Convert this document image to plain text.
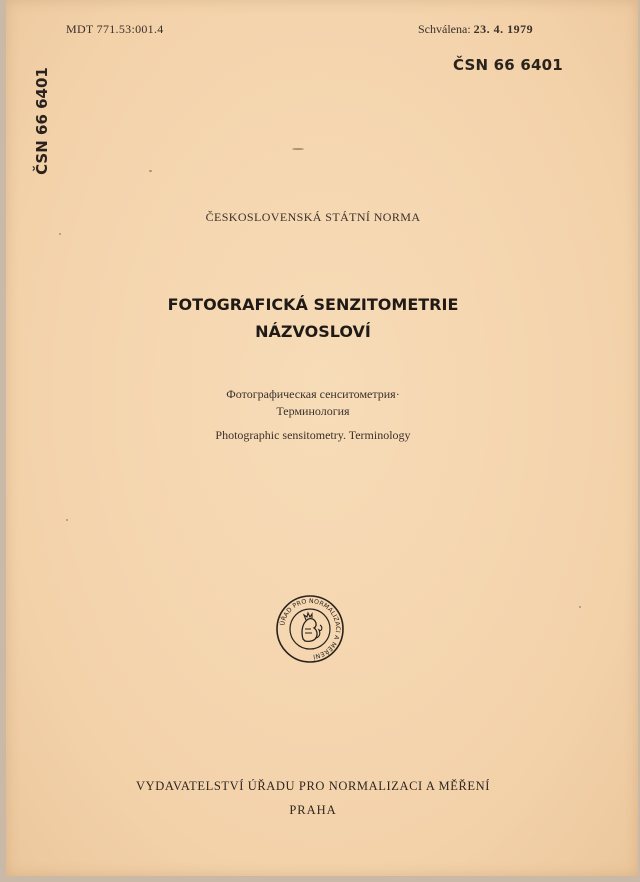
MDT 771.53:001.4	Schválena: 23. 4. 1979
ČSN 66 6401
ČSN 66 6401
ČESKOSLOVENSKÁ STÁTNÍ NORMA
FOTOGRAFICKÁ SENZITOMETRIE
NÁZVOSLOVÍ
Фотографическая сенситометрия·
Терминология
Photographic sensitometry. Terminology
ÚŘAD PRO NORMALIZACI A MĚŘENÍ
VYDAVATELSTVÍ ÚŘADU PRO NORMALIZACI A MĚŘENÍ
PRAHA
